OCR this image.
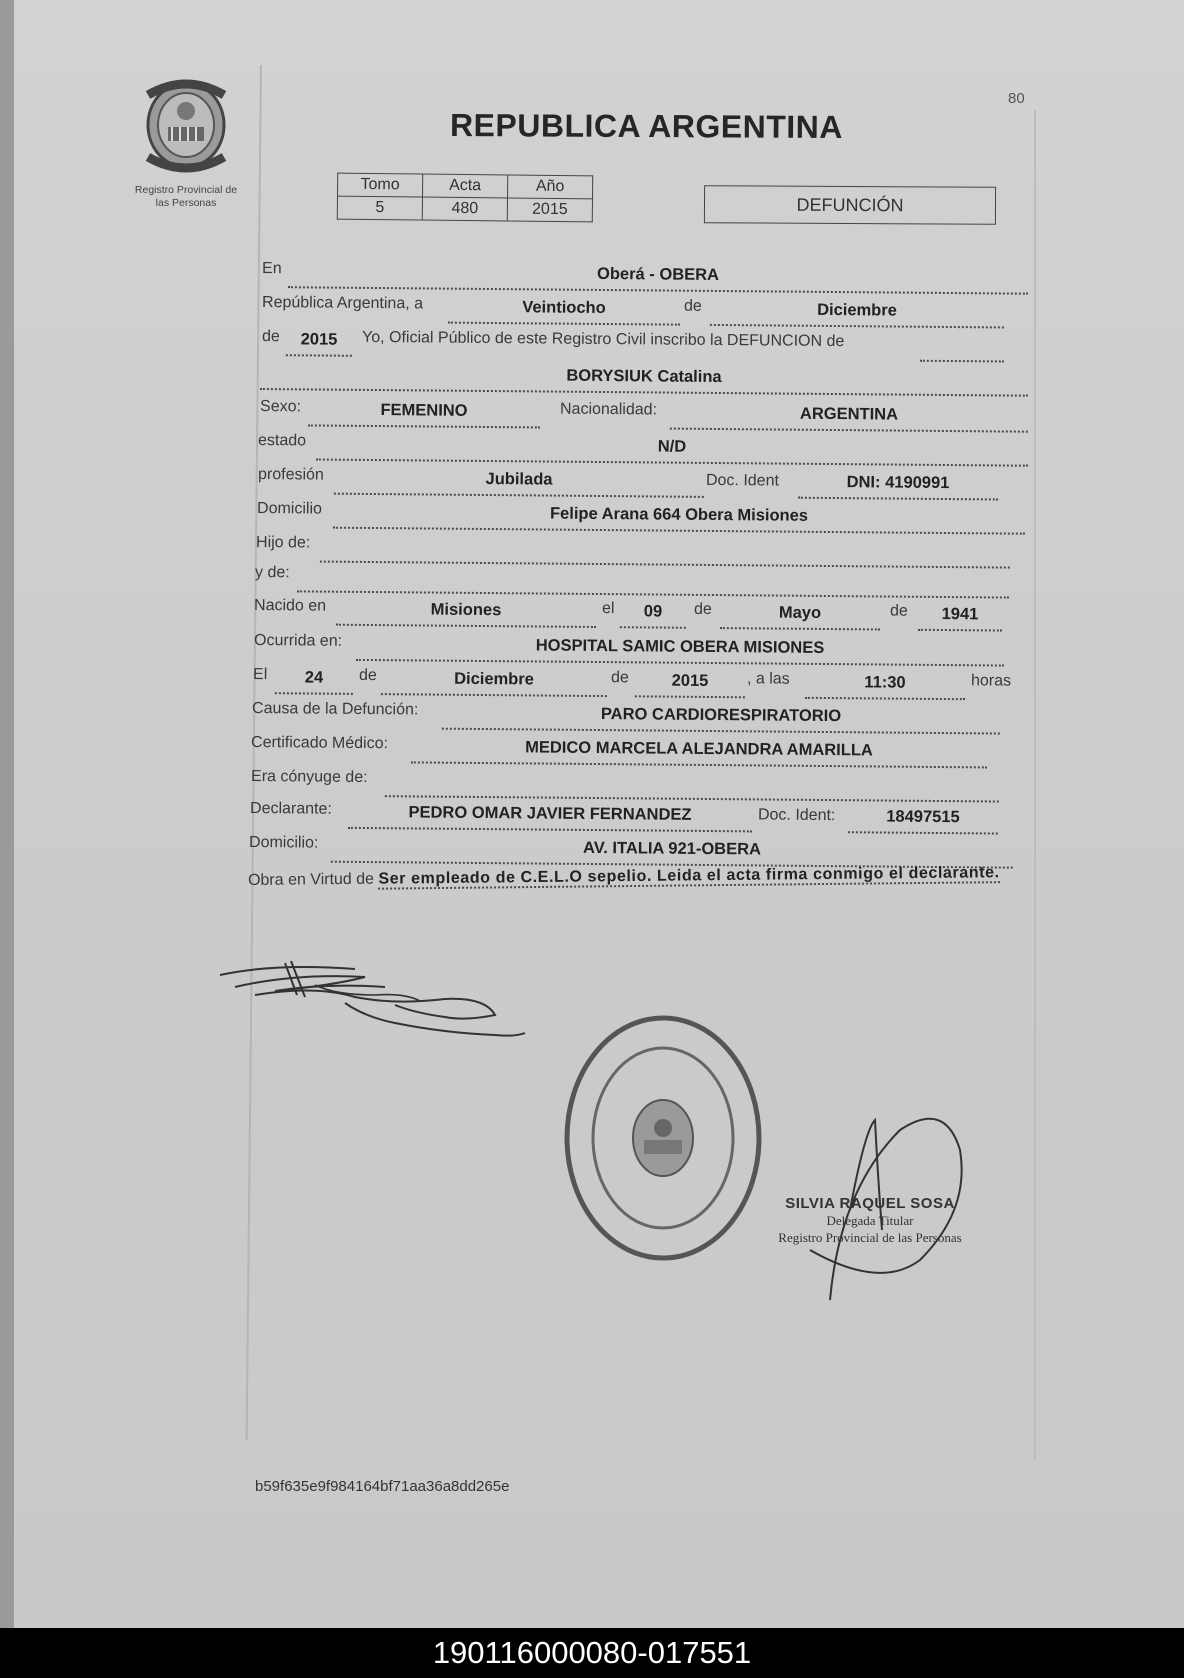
Registro Provincial de
las Personas
80
REPUBLICA ARGENTINA
Tomo	Acta	Año
5	480	2015	DEFUNCIÓN
En	Oberá - OBERA
República Argentina, a	Veintiocho	de	Diciembre
de	2015	Yo, Oficial Público de este Registro Civil inscribo la DEFUNCION de
BORYSIUK Catalina
Sexo:	FEMENINO	Nacionalidad:	ARGENTINA
estado	N/D
profesión	Jubilada	Doc. Ident	DNI: 4190991
Domicilio	Felipe Arana 664 Obera Misiones
Hijo de:
y de:
Nacido en	Misiones	el	09	de	Mayo	de	1941
Ocurrida en:	HOSPITAL SAMIC OBERA MISIONES
El	24	de	Diciembre	de	2015	, a las	11:30	horas
Causa de la Defunción:	PARO CARDIORESPIRATORIO
Certificado Médico:	MEDICO MARCELA ALEJANDRA AMARILLA
Era cónyuge de:
Declarante:	PEDRO OMAR JAVIER FERNANDEZ	Doc. Ident:	18497515
Domicilio:	AV. ITALIA 921-OBERA
Obra en Virtud de Ser empleado de C.E.L.O sepelio. Leida el acta firma conmigo el declarante.
SILVIA RAQUEL SOSA
Delegada Titular
Registro Provincial de las Personas
b59f635e9f984164bf71aa36a8dd265e
190116000080-017551
